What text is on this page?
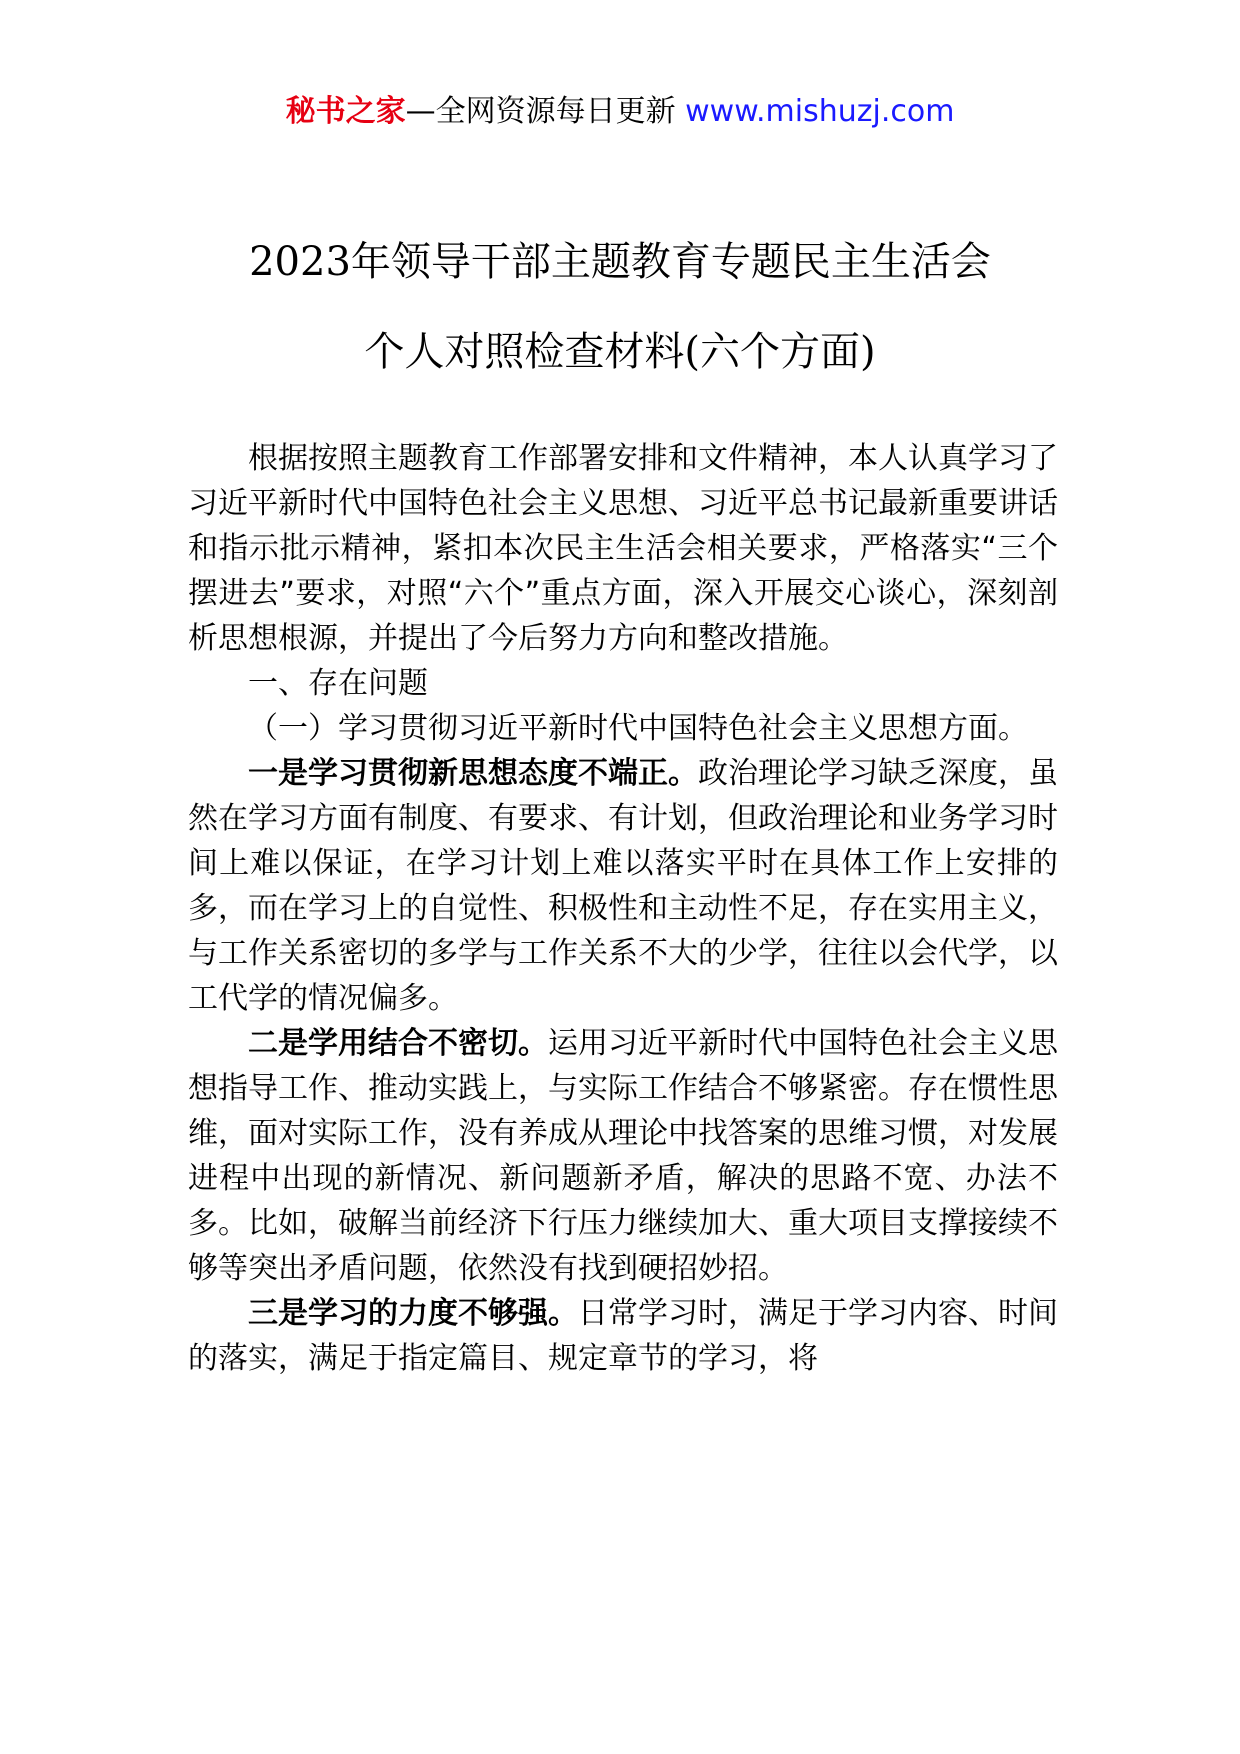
秘书之家—全网资源每日更新 www.mishuzj.com
2023年领导干部主题教育专题民主生活会
个人对照检查材料(六个方面)

根据按照主题教育工作部署安排和文件精神，本人认真学习了习近平新时代中国特色社会主义思想、习近平总书记最新重要讲话和指示批示精神，紧扣本次民主生活会相关要求，严格落实“三个摆进去”要求，对照“六个”重点方面，深入开展交心谈心，深刻剖析思想根源，并提出了今后努力方向和整改措施。

一、存在问题

（一）学习贯彻习近平新时代中国特色社会主义思想方面。

一是学习贯彻新思想态度不端正。政治理论学习缺乏深度，虽然在学习方面有制度、有要求、有计划，但政治理论和业务学习时间上难以保证，在学习计划上难以落实平时在具体工作上安排的多，而在学习上的自觉性、积极性和主动性不足，存在实用主义，与工作关系密切的多学与工作关系不大的少学，往往以会代学，以工代学的情况偏多。

二是学用结合不密切。运用习近平新时代中国特色社会主义思想指导工作、推动实践上，与实际工作结合不够紧密。存在惯性思维，面对实际工作，没有养成从理论中找答案的思维习惯，对发展进程中出现的新情况、新问题新矛盾，解决的思路不宽、办法不多。比如，破解当前经济下行压力继续加大、重大项目支撑接续不够等突出矛盾问题，依然没有找到硬招妙招。

三是学习的力度不够强。日常学习时，满足于学习内容、时间的落实，满足于指定篇目、规定章节的学习，将
